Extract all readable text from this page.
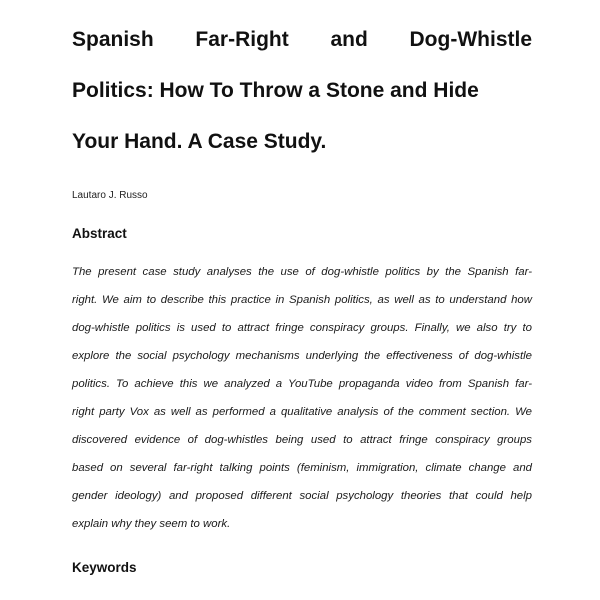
Spanish Far-Right and Dog-Whistle
Politics: How To Throw a Stone and Hide
Your Hand. A Case Study.
Lautaro J. Russo
Abstract
The present case study analyses the use of dog-whistle politics by the Spanish far-
right. We aim to describe this practice in Spanish politics, as well as to understand how
dog-whistle politics is used to attract fringe conspiracy groups. Finally, we also try to
explore the social psychology mechanisms underlying the effectiveness of dog-whistle
politics. To achieve this we analyzed a YouTube propaganda video from Spanish far-
right party Vox as well as performed a qualitative analysis of the comment section. We
discovered evidence of dog-whistles being used to attract fringe conspiracy groups
based on several far-right talking points (feminism, immigration, climate change and
gender ideology) and proposed different social psychology theories that could help
explain why they seem to work.
Keywords
